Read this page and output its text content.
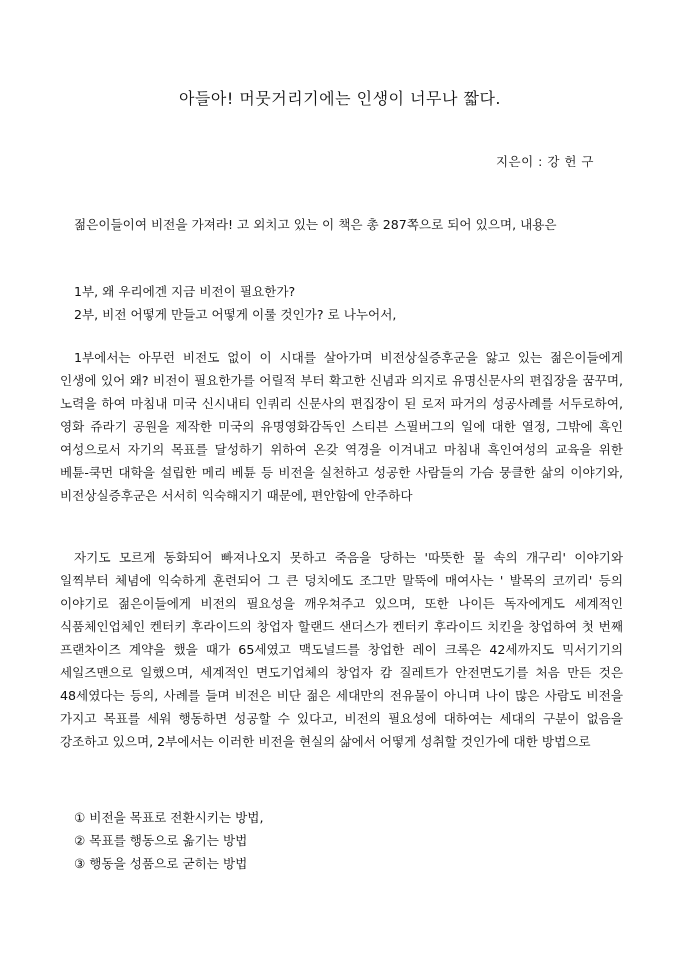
아들아! 머뭇거리기에는 인생이 너무나 짧다.
지은이 : 강 헌 구
젊은이들이여 비전을 가져라! 고 외치고 있는 이 책은 총 287쪽으로 되어 있으며, 내용은
1부, 왜 우리에겐 지금 비전이 필요한가?
2부, 비전 어떻게 만들고 어떻게 이룰 것인가? 로 나누어서,
1부에서는 아무런 비전도 없이 이 시대를 살아가며 비전상실증후군을 앓고 있는 젊은이들에게 인생에 있어 왜? 비전이 필요한가를 어릴적 부터 확고한 신념과 의지로 유명신문사의 편집장을 꿈꾸며, 노력을 하여 마침내 미국 신시내티 인쿼리 신문사의 편집장이 된 로저 파거의 성공사례를 서두로하여, 영화 쥬라기 공원을 제작한 미국의 유명영화감독인 스티븐 스필버그의 일에 대한 열정, 그밖에 흑인 여성으로서 자기의 목표를 달성하기 위하여 온갖 역경을 이겨내고 마침내 흑인여성의 교육을 위한 베튠-쿡먼 대학을 설립한 메리 베튠 등 비전을 실천하고 성공한 사람들의 가슴 뭉클한 삶의 이야기와, 비전상실증후군은 서서히 익숙해지기 때문에, 편안함에 안주하다
자기도 모르게 동화되어 빠져나오지 못하고 죽음을 당하는 '따뜻한 물 속의 개구리' 이야기와 일찍부터 체념에 익숙하게 훈련되어 그 큰 덩치에도 조그만 말뚝에 매여사는 ' 발목의 코끼리' 등의 이야기로 젊은이들에게 비전의 필요성을 깨우쳐주고 있으며, 또한 나이든 독자에게도 세계적인 식품체인업체인 켄터키 후라이드의 창업자 할랜드 샌더스가 켄터키 후라이드 치킨을 창업하여 첫 번째 프랜차이즈 계약을 했을 때가 65세였고 맥도널드를 창업한 레이 크록은 42세까지도 믹서기기의 세일즈맨으로 일했으며, 세계적인 면도기업체의 창업자 캄 질레트가 안전면도기를 처음 만든 것은 48세였다는 등의, 사례를 들며 비전은 비단 젊은 세대만의 전유물이 아니며 나이 많은 사람도 비전을 가지고 목표를 세워 행동하면 성공할 수 있다고, 비전의 필요성에 대하여는 세대의 구분이 없음을 강조하고 있으며, 2부에서는 이러한 비전을 현실의 삶에서 어떻게 성취할 것인가에 대한 방법으로
① 비전을 목표로 전환시키는 방법,
② 목표를 행동으로 옮기는 방법
③ 행동을 성품으로 굳히는 방법
